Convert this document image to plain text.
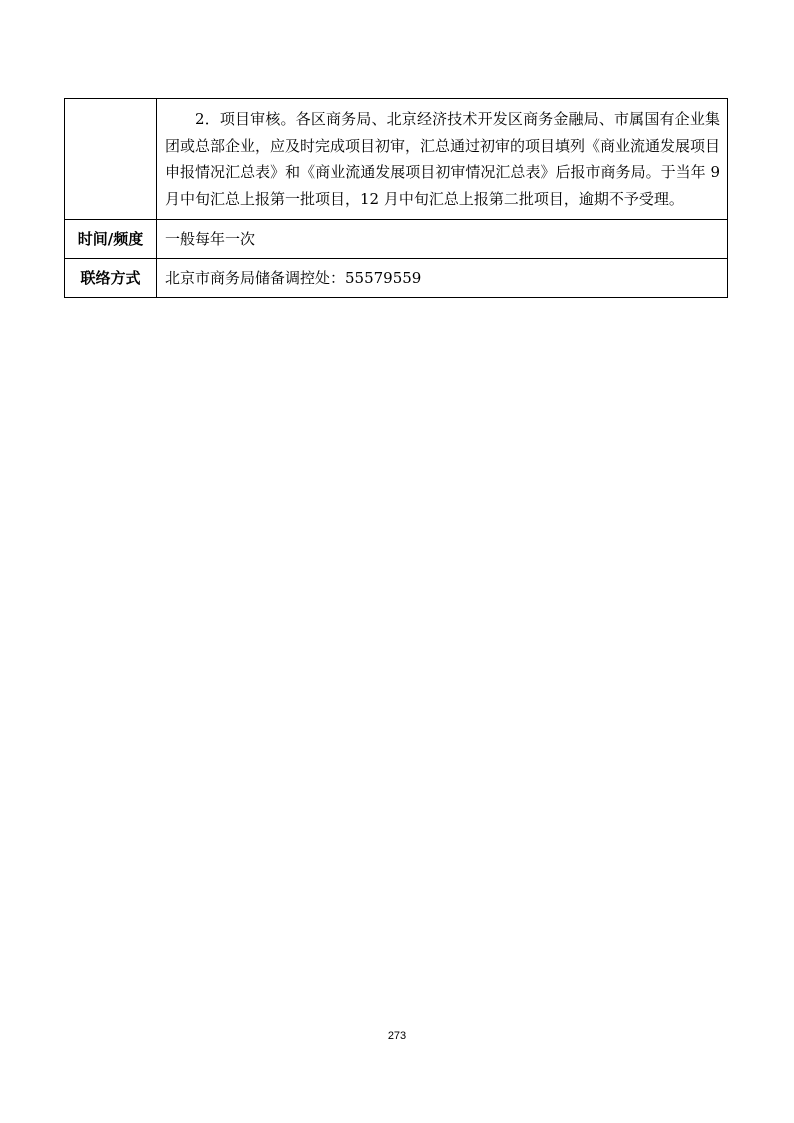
	2．项目审核。各区商务局、北京经济技术开发区商务金融局、市属国有企业集团或总部企业，应及时完成项目初审，汇总通过初审的项目填列《商业流通发展项目申报情况汇总表》和《商业流通发展项目初审情况汇总表》后报市商务局。于当年 9 月中旬汇总上报第一批项目，12 月中旬汇总上报第二批项目，逾期不予受理。

时间/频度	一般每年一次
联络方式	北京市商务局储备调控处：55579559
273
